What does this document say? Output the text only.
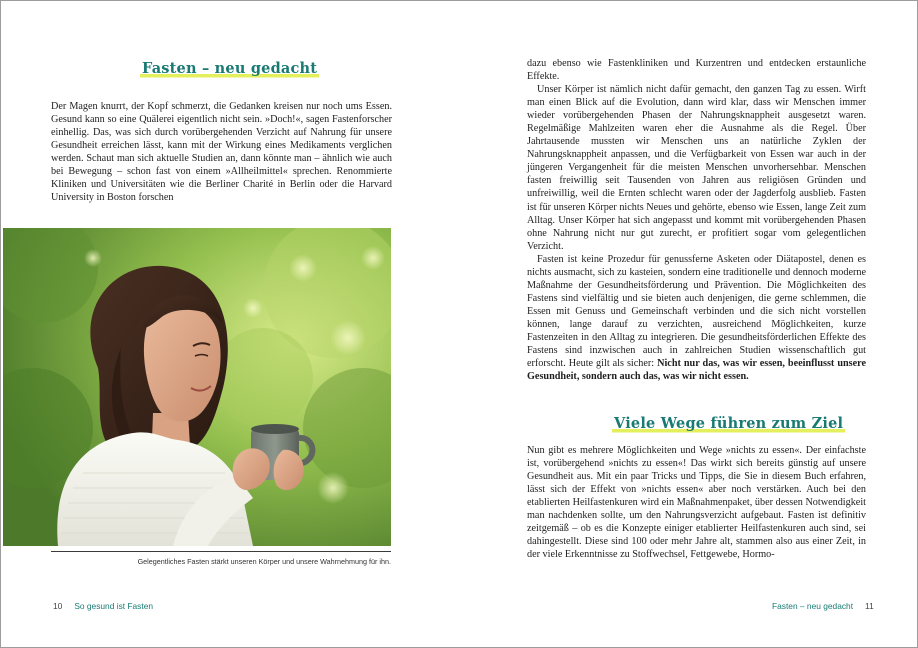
Fasten – neu gedacht

Der Magen knurrt, der Kopf schmerzt, die Gedanken kreisen nur noch ums Essen. Gesund kann so eine Quälerei eigentlich nicht sein. »Doch!«, sagen Fastenforscher einhellig. Das, was sich durch vorübergehenden Verzicht auf Nahrung für unsere Gesundheit erreichen lässt, kann mit der Wirkung eines Medikaments verglichen werden. Schaut man sich aktuelle Studien an, dann könnte man – ähnlich wie auch bei Bewegung – schon fast von einem »Allheilmittel« sprechen. Renommierte Kliniken und Universitäten wie die Berliner Charité in Berlin oder die Harvard University in Boston forschen

Gelegentliches Fasten stärkt unseren Körper und unsere Wahrnehmung für ihn.
10 So gesund ist Fasten

dazu ebenso wie Fastenkliniken und Kurzentren und entdecken erstaunliche Effekte.

Unser Körper ist nämlich nicht dafür gemacht, den ganzen Tag zu essen. Wirft man einen Blick auf die Evolution, dann wird klar, dass wir Menschen immer wieder vorübergehenden Phasen der Nahrungsknappheit ausgesetzt waren. Regelmäßige Mahlzeiten waren eher die Ausnahme als die Regel. Über Jahrtausende mussten wir Menschen uns an natürliche Zyklen der Nahrungsknappheit anpassen, und die Verfügbarkeit von Essen war auch in der jüngeren Vergangenheit für die meisten Menschen unvorhersehbar. Menschen fasten freiwillig seit Tausenden von Jahren aus religiösen Gründen und unfreiwillig, weil die Ernten schlecht waren oder der Jagderfolg ausblieb. Fasten ist für unseren Körper nichts Neues und gehörte, ebenso wie Essen, lange Zeit zum Alltag. Unser Körper hat sich angepasst und kommt mit vorübergehenden Phasen ohne Nahrung nicht nur gut zurecht, er profitiert sogar vom gelegentlichen Verzicht.

Fasten ist keine Prozedur für genussferne Asketen oder Diätapostel, denen es nichts ausmacht, sich zu kasteien, sondern eine traditionelle und dennoch moderne Maßnahme der Gesundheitsförderung und Prävention. Die Möglichkeiten des Fastens sind vielfältig und sie bieten auch denjenigen, die gerne schlemmen, die Essen mit Genuss und Gemeinschaft verbinden und die sich nicht vorstellen können, lange darauf zu verzichten, ausreichend Möglichkeiten, kurze Fastenzeiten in den Alltag zu integrieren. Die gesundheitsförderlichen Effekte des Fastens sind inzwischen auch in zahlreichen Studien wissenschaftlich gut erforscht. Heute gilt als sicher: Nicht nur das, was wir essen, beeinflusst unsere Gesundheit, sondern auch das, was wir nicht essen.

Viele Wege führen zum Ziel

Nun gibt es mehrere Möglichkeiten und Wege »nichts zu essen«. Der einfachste ist, vorübergehend »nichts zu essen«! Das wirkt sich bereits günstig auf unsere Gesundheit aus. Mit ein paar Tricks und Tipps, die Sie in diesem Buch erfahren, lässt sich der Effekt von »nichts essen« aber noch verstärken. Auch bei den etablierten Heilfastenkuren wird ein Maßnahmenpaket, über dessen Notwendigkeit man nachdenken sollte, um den Nahrungsverzicht aufgebaut. Fasten ist definitiv zeitgemäß – ob es die Konzepte einiger etablierter Heilfastenkuren auch sind, sei dahingestellt. Diese sind 100 oder mehr Jahre alt, stammen also aus einer Zeit, in der viele Erkenntnisse zu Stoffwechsel, Fettgewebe, Hormo-

Fasten – neu gedacht 11
